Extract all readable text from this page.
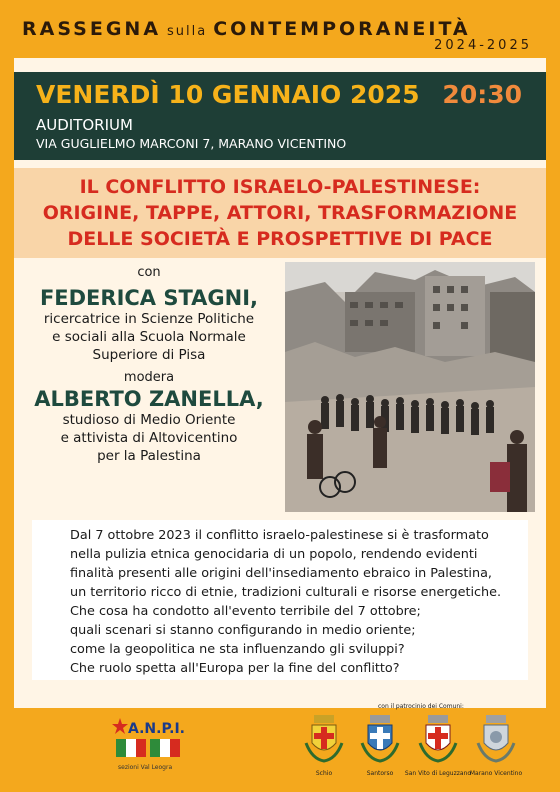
RASSEGNA sulla CONTEMPORANEITÀ
2024-2025
VENERDÌ 10 GENNAIO 2025 20:30
AUDITORIUM
VIA GUGLIELMO MARCONI 7, MARANO VICENTINO
IL CONFLITTO ISRAELO-PALESTINESE:
ORIGINE, TAPPE, ATTORI, TRASFORMAZIONE
DELLE SOCIETÀ E PROSPETTIVE DI PACE
con
FEDERICA STAGNI,
ricercatrice in Scienze Politiche
e sociali alla Scuola Normale
Superiore di Pisa
modera
ALBERTO ZANELLA,
studioso di Medio Oriente
e attivista di Altovicentino
per la Palestina

Dal 7 ottobre 2023 il conflitto israelo-palestinese si è trasformato
nella pulizia etnica genocidaria di un popolo, rendendo evidenti
finalità presenti alle origini dell'insediamento ebraico in Palestina,
un territorio ricco di etnie, tradizioni culturali e risorse energetiche.
Che cosa ha condotto all'evento terribile del 7 ottobre;
quali scenari si stanno configurando in medio oriente;
come la geopolitica ne sta influenzando gli sviluppi?
Che ruolo spetta all'Europa per la fine del conflitto?

A.N.P.I.
sezioni Val Leogra
con il patrocinio dei Comuni:
Schio	Santorso	San Vito di Leguzzano
Marano Vicentino
